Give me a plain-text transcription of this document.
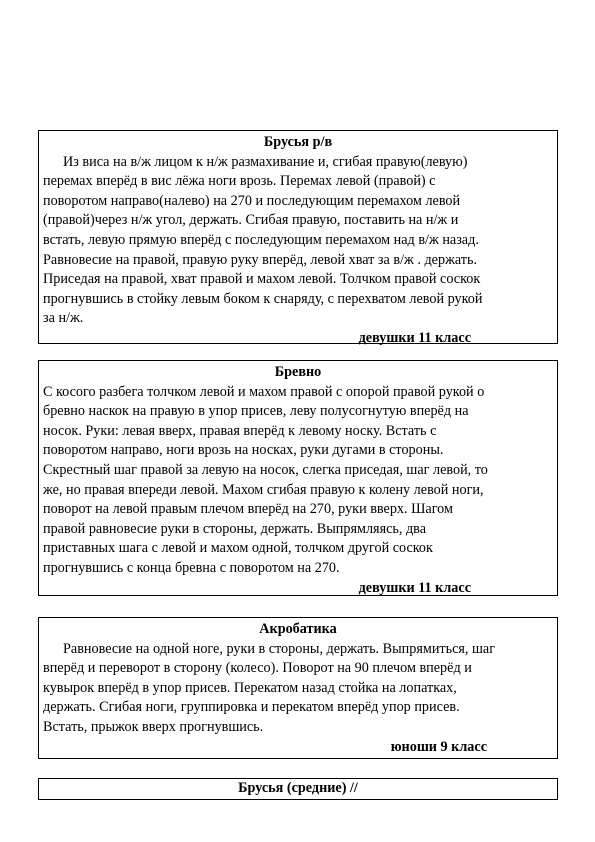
Брусья р/в
Из виса на в/ж лицом к н/ж размахивание и, сгибая правую(левую)
перемах вперёд в вис лёжа ноги врозь. Перемах левой (правой) с
поворотом направо(налево) на 270 и последующим перемахом левой
(правой)через н/ж угол, держать. Сгибая правую, поставить на н/ж и
встать, левую прямую вперёд с последующим перемахом над в/ж назад.
Равновесие на правой, правую руку вперёд, левой хват за в/ж . держать.
Приседая на правой, хват правой и махом левой. Толчком правой соскок
прогнувшись в стойку левым боком к снаряду, с перехватом левой рукой
за н/ж.
девушки 11 класс
Бревно
С косого разбега толчком левой и махом правой с опорой правой рукой о
бревно наскок на правую в упор присев, леву полусогнутую вперёд на
носок. Руки: левая вверх, правая вперёд к левому носку. Встать с
поворотом направо, ноги врозь на носках, руки дугами в стороны.
Скрестный шаг правой за левую на носок, слегка приседая, шаг левой, то
же, но правая впереди левой. Махом сгибая правую к колену левой ноги,
поворот на левой правым плечом вперёд на 270, руки вверх. Шагом
правой равновесие руки в стороны, держать. Выпрямляясь, два
приставных шага с левой и махом одной, толчком другой соскок
прогнувшись с конца бревна с поворотом на 270.
девушки 11 класс
Акробатика
Равновесие на одной ноге, руки в стороны, держать. Выпрямиться, шаг
вперёд и переворот в сторону (колесо). Поворот на 90 плечом вперёд и
кувырок вперёд в упор присев. Перекатом назад стойка на лопатках,
держать. Сгибая ноги, группировка и перекатом вперёд упор присев.
Встать, прыжок вверх прогнувшись.
юноши 9 класс
Брусья (средние) //
